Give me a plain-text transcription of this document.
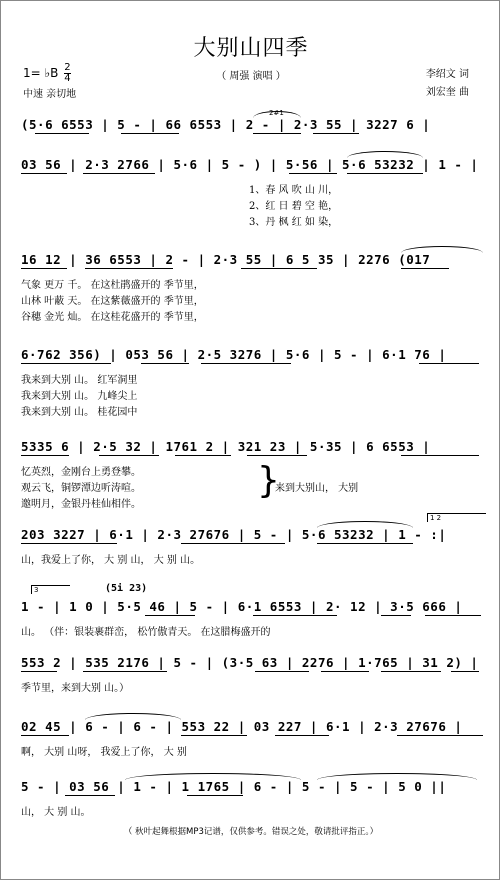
大别山四季
（ 周强 演唱 ）
1= ♭B $\frac{2}{4}$
中速 亲切地
李绍文 词
刘宏奎 曲
(5·6 6553 | 5 - | 66 6553 | 2 - | 2·3 55 | 3227 6 |
2#1
03 56 | 2·3 2766 | 5·6 | 5 - ) | 5·56 | 5·6 53232 | 1 - |
1、春 风 吹 山 川，
2、红 日 碧 空 艳，
3、丹 枫 红 如 染，
16 12 | 36 6553 | 2 - | 2·3 55 | 6 5 35 | 2276 (017
气象 更万 千。 在这杜鹃盛开的 季节里，
山林 叶蔽 天。 在这紫薇盛开的 季节里，
谷穗 金光 灿。 在这桂花盛开的 季节里，
6·762 356) | 053 56 | 2·5 3276 | 5·6 | 5 - | 6·1 76 |
我来到大别 山。 红军洞里
我来到大别 山。 九峰尖上
我来到大别 山。 桂花园中
5335 6 | 2·5 32 | 1761 2 | 321 23 | 5·35 | 6 6553 |
忆英烈，金刚台上勇登攀。
观云飞，铜锣潭边听涛喧。
邀明月，金银丹桂仙相伴。
}
来到大别山， 大别
1 2
203 3227 | 6·1 | 2·3 27676 | 5 - | 5·6 53232 | 1 - :|
山，我爱上了你， 大 别 山， 大 别 山。
3	(5i 23)
1 - | 1 0 | 5·5 46 | 5 - | 6·1 6553 | 2· 12 | 3·5 666 |
山。 （伴：银装裹群峦， 松竹傲青天。 在这腊梅盛开的
553 2 | 535 2176 | 5 - | (3·5 63 | 2276 | 1·765 | 31 2) |
季节里，来到大别 山。）
02 45 | 6 - | 6 - | 553 22 | 03 227 | 6·1 | 2·3 27676 |
啊， 大别 山呀， 我爱上了你， 大 别
5 - | 03 56 | 1 - | 1 1765 | 6 - | 5 - | 5 - | 5 0 ||
山， 大 别 山。
（ 秋叶起舞根据MP3记谱，仅供参考。错误之处，敬请批评指正。）
